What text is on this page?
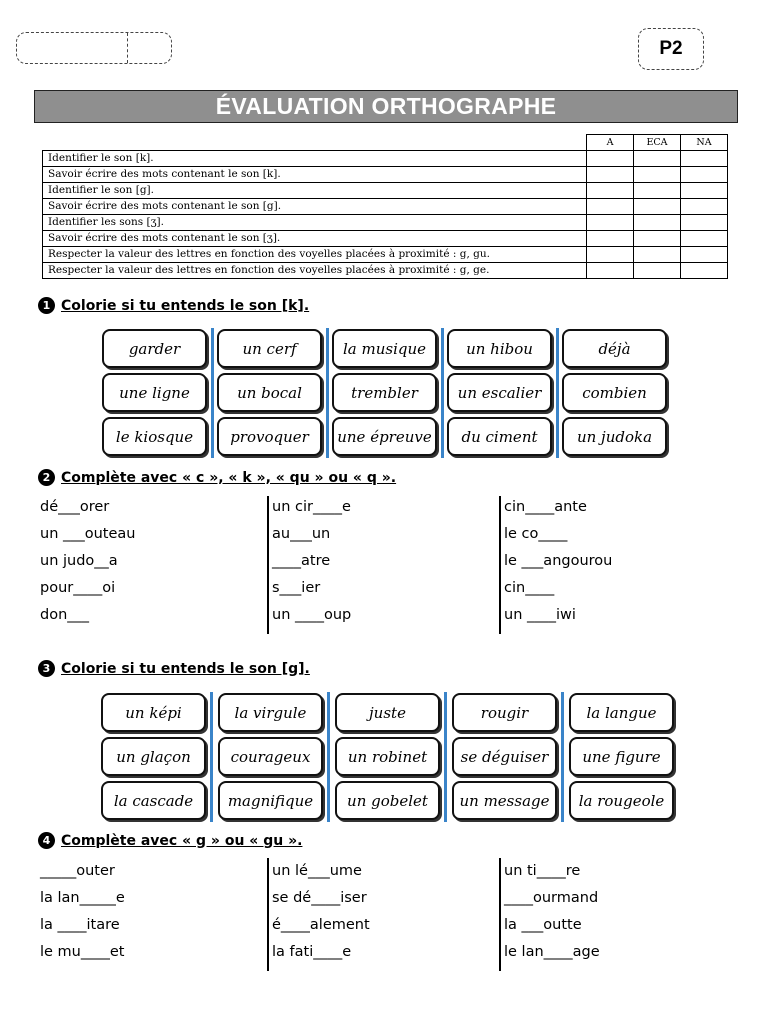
P2
ÉVALUATION ORTHOGRAPHE
	A	ECA	NA
Identifier le son [k].			
Savoir écrire des mots contenant le son [k].			
Identifier le son [g].			
Savoir écrire des mots contenant le son [g].			
Identifier les sons [ʒ].			
Savoir écrire des mots contenant le son [ʒ].			
Respecter la valeur des lettres en fonction des voyelles placées à proximité : g, gu.			
Respecter la valeur des lettres en fonction des voyelles placées à proximité : g, ge.			
1 Colorie si tu entends le son [k].
garder	un cerf	la musique	un hibou	déjà
une ligne	un bocal	trembler	un escalier	combien
le kiosque	provoquer	une épreuve	du ciment	un judoka
2 Complète avec « c », « k », « qu » ou « q ».
dé___orer
un ___outeau
un judo__a
pour____oi
don___
un cir____e
au___un
____atre
s___ier
un ____oup
cin____ante
le co____
le ___angourou
cin____
un ____iwi
3 Colorie si tu entends le son [g].
un képi	la virgule	juste	rougir	la langue
un glaçon	courageux	un robinet	se déguiser	une figure
la cascade	magnifique	un gobelet	un message	la rougeole
4 Complète avec « g » ou « gu ».
_____outer
la lan_____e
la ____itare
le mu____et
un lé___ume
se dé____iser
é____alement
la fati____e
un ti____re
____ourmand
la ___outte
le lan____age
